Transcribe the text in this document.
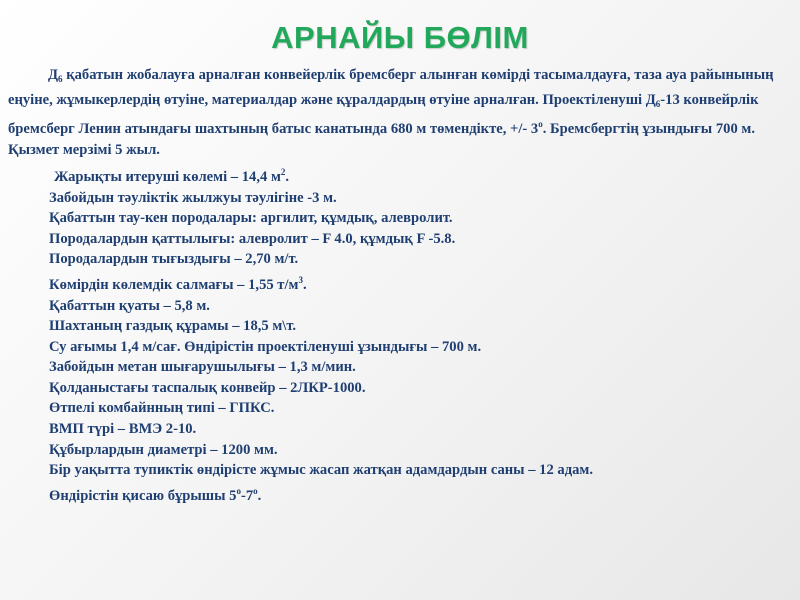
АРНАЙЫ БӨЛІМ

$Д_6$ қабатын жобалауға арналған конвейерлік бремсберг алынған көмірді тасымалдауға, таза ауа райынының еңуіне, жұмыкерлердің өтуіне, материалдар және құралдардың өтуіне арналған. Проектіленуші $Д_6-13$ конвейрлік бремсберг Ленин атындағы шахтының батыс канатында 680 м төмендікте, +/- $3^о$. Бремсбергтің ұзындығы 700 м. Қызмет мерзімі 5 жыл.

Жарықты итеруші көлемі – 14,4 $м^2$.

Забойдын тәуліктік жылжуы тәулігіне -3 м.

Қабаттын тау-кен породалары: аргилит, құмдық, алевролит.

Породалардын қаттылығы: алевролит – F 4.0, құмдық F -5.8.

Породалардын тығыздығы – 2,70 м/т.

Көмірдін көлемдік салмағы – 1,55 $т/м^3$.

Қабаттын қуаты – 5,8 м.

Шахтаның газдық құрамы – 18,5 м\т.

Су ағымы 1,4 м/сағ. Өндірістін проектіленуші ұзындығы – 700 м.

Забойдын метан шығарушылығы – 1,3 м/мин.

Қолданыстағы таспалық конвейр – 2ЛКР-1000.

Өтпелі комбайнның типі – ГПКС.

ВМП түрі – ВМЭ 2-10.

Құбырлардын диаметрі – 1200 мм.

Бір уақытта тупиктік өндірісте жұмыс жасап жатқан адамдардын саны – 12 адам.

Өндірістін қисаю бұрышы $5^о-7^о$.
